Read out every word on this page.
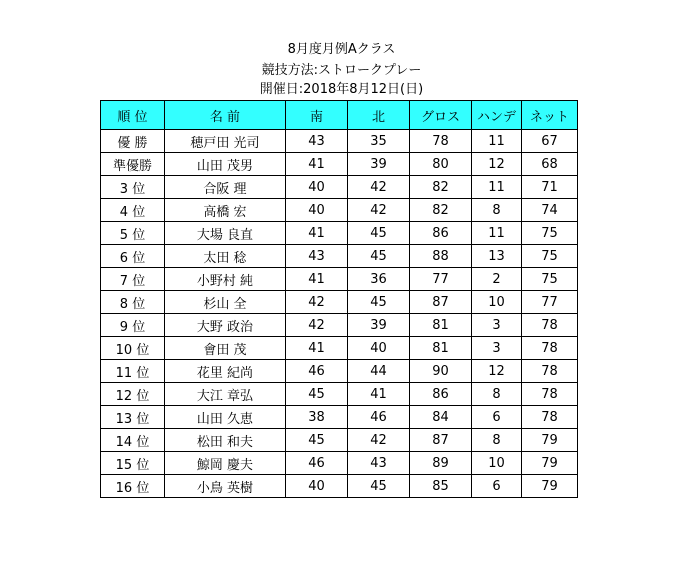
8月度月例Aクラス
競技方法:ストロークプレー
開催日:2018年8月12日(日)
順 位	名 前	南	北	グロス	ハンデ	ネット
優 勝	穂戸田 光司	43	35	78	11	67
準優勝	山田 茂男	41	39	80	12	68
3 位	合阪 理	40	42	82	11	71
4 位	高橋 宏	40	42	82	8	74
5 位	大場 良直	41	45	86	11	75
6 位	太田 稔	43	45	88	13	75
7 位	小野村 純	41	36	77	2	75
8 位	杉山 全	42	45	87	10	77
9 位	大野 政治	42	39	81	3	78
10 位	會田 茂	41	40	81	3	78
11 位	花里 紀尚	46	44	90	12	78
12 位	大江 章弘	45	41	86	8	78
13 位	山田 久恵	38	46	84	6	78
14 位	松田 和夫	45	42	87	8	79
15 位	鯨岡 慶夫	46	43	89	10	79
16 位	小鳥 英樹	40	45	85	6	79
